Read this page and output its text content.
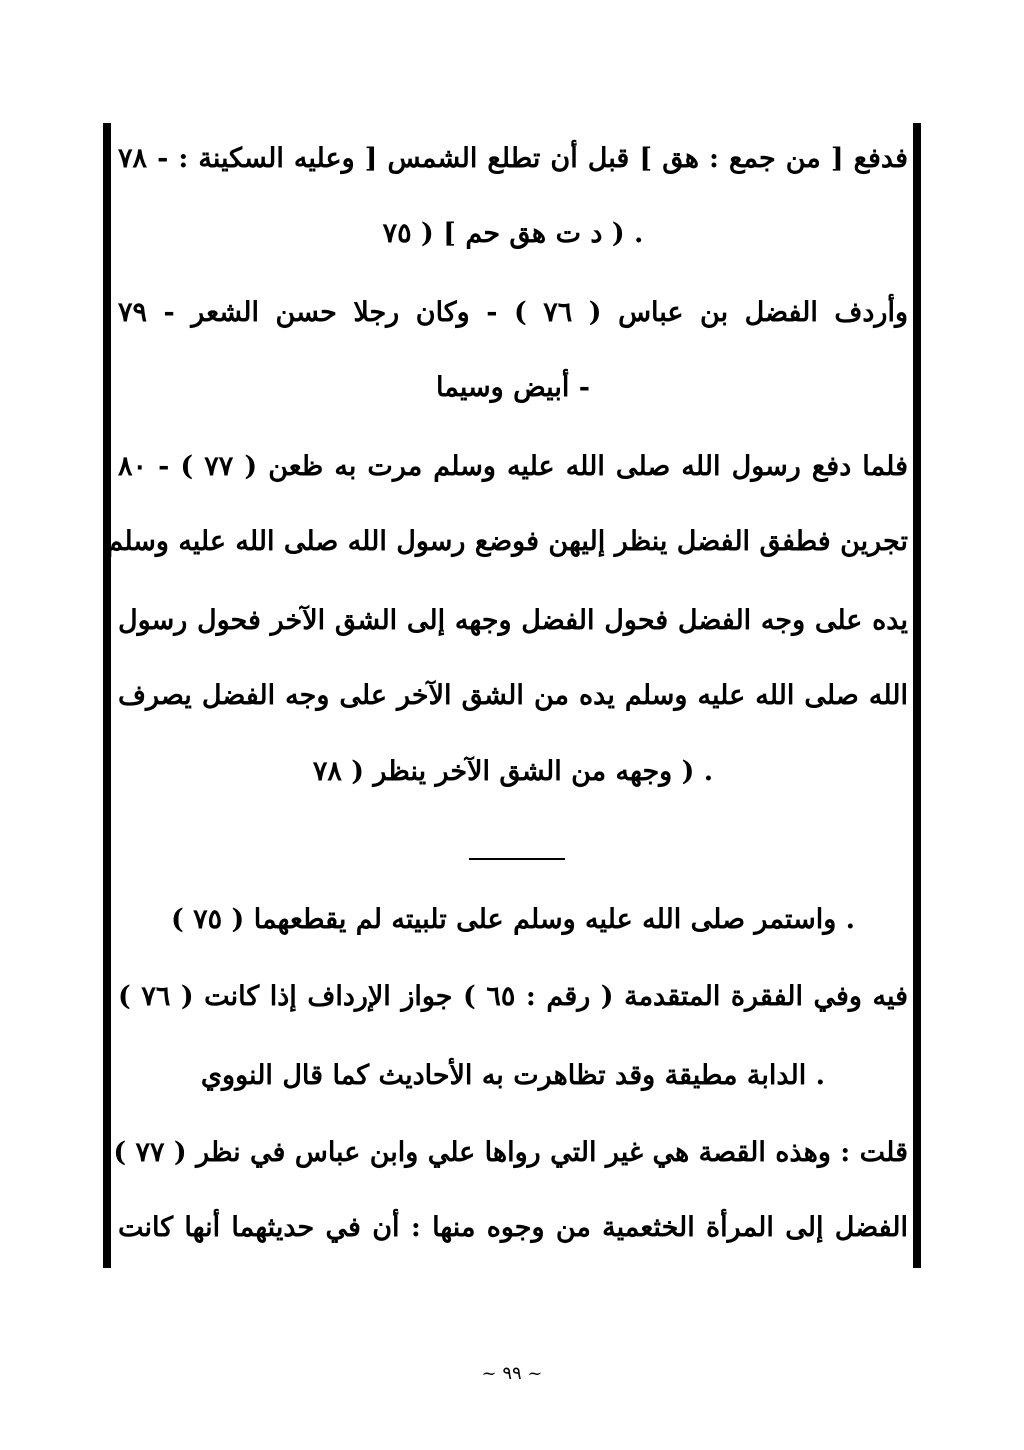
فدفع [ من جمع : هق ] قبل أن تطلع الشمس [ وعليه السكينة : - ٧٨
. ( د ت هق حم ] ( ٧٥
وأردف الفضل بن عباس ( ٧٦ ) - وكان رجلا حسن الشعر - ٧٩
- أبيض وسيما
فلما دفع رسول الله صلى الله عليه وسلم مرت به ظعن ( ٧٧ ) - ٨٠
تجرين فطفق الفضل ينظر إليهن فوضع رسول الله صلى الله عليه وسلم
يده على وجه الفضل فحول الفضل وجهه إلى الشق الآخر فحول رسول
الله صلى الله عليه وسلم يده من الشق الآخر على وجه الفضل يصرف
. ( وجهه من الشق الآخر ينظر ( ٧٨
. واستمر صلى الله عليه وسلم على تلبيته لم يقطعهما ( ٧٥ )
فيه وفي الفقرة المتقدمة ( رقم : ٦٥ ) جواز الإرداف إذا كانت ( ٧٦ )
. الدابة مطيقة وقد تظاهرت به الأحاديث كما قال النووي
قلت : وهذه القصة هي غير التي رواها علي وابن عباس في نظر ( ٧٧ )
الفضل إلى المرأة الخثعمية من وجوه منها : أن في حديثهما أنها كانت
~ ٩٩ ~
